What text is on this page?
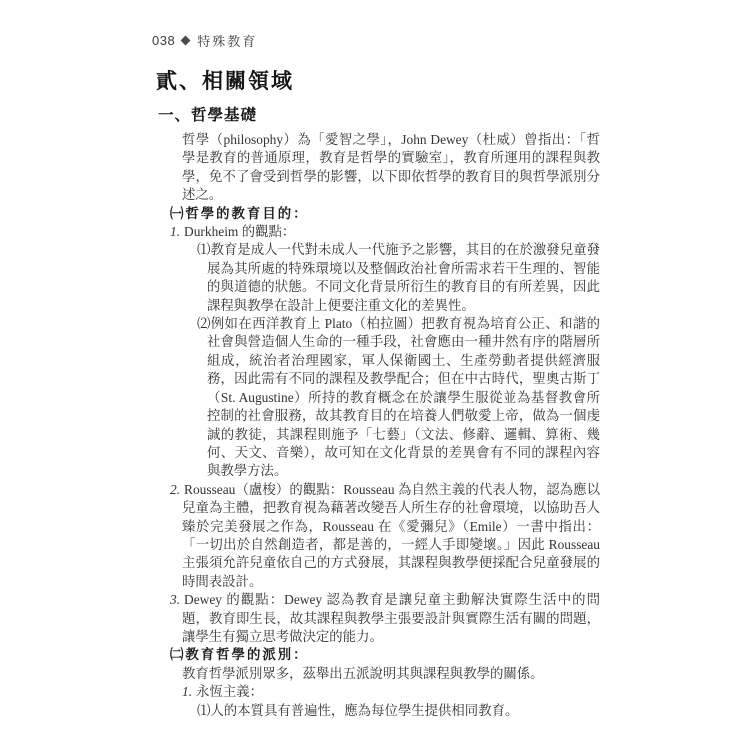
038 特殊教育
貳、相關領域
一、哲學基礎

哲學（philosophy）為「愛智之學」，John Dewey（杜威）曾指出：「哲學是教育的普通原理，教育是哲學的實驗室」，教育所運用的課程與教學，免不了會受到哲學的影響，以下即依哲學的教育目的與哲學派別分述之。

㈠哲學的教育目的：

1. Durkheim 的觀點：

⑴教育是成人一代對未成人一代施予之影響，其目的在於激發兒童發展為其所處的特殊環境以及整個政治社會所需求若干生理的、智能的與道德的狀態。不同文化背景所衍生的教育目的有所差異，因此課程與教學在設計上便要注重文化的差異性。

⑵例如在西洋教育上 Plato（柏拉圖）把教育視為培育公正、和諧的社會與營造個人生命的一種手段，社會應由一種井然有序的階層所組成，統治者治理國家，軍人保衛國土、生產勞動者提供經濟服務，因此需有不同的課程及教學配合；但在中古時代，聖奧古斯丁（St. Augustine）所持的教育概念在於讓學生服從並為基督教會所控制的社會服務，故其教育目的在培養人們敬愛上帝，做為一個虔誠的教徒，其課程則施予「七藝」（文法、修辭、邏輯、算術、幾何、天文、音樂），故可知在文化背景的差異會有不同的課程內容與教學方法。

2. Rousseau（盧梭）的觀點：Rousseau 為自然主義的代表人物，認為應以兒童為主體，把教育視為藉著改變吾人所生存的社會環境，以協助吾人臻於完美發展之作為，Rousseau 在《愛彌兒》（Emile）一書中指出：「一切出於自然創造者，都是善的，一經人手即變壞。」因此 Rousseau 主張須允許兒童依自己的方式發展，其課程與教學便採配合兒童發展的時間表設計。

3. Dewey 的觀點：Dewey 認為教育是讓兒童主動解決實際生活中的問題，教育即生長，故其課程與教學主張要設計與實際生活有關的問題，讓學生有獨立思考做決定的能力。

㈡教育哲學的派別：

教育哲學派別眾多，茲舉出五派說明其與課程與教學的關係。

1. 永恆主義：

⑴人的本質具有普遍性，應為每位學生提供相同教育。
